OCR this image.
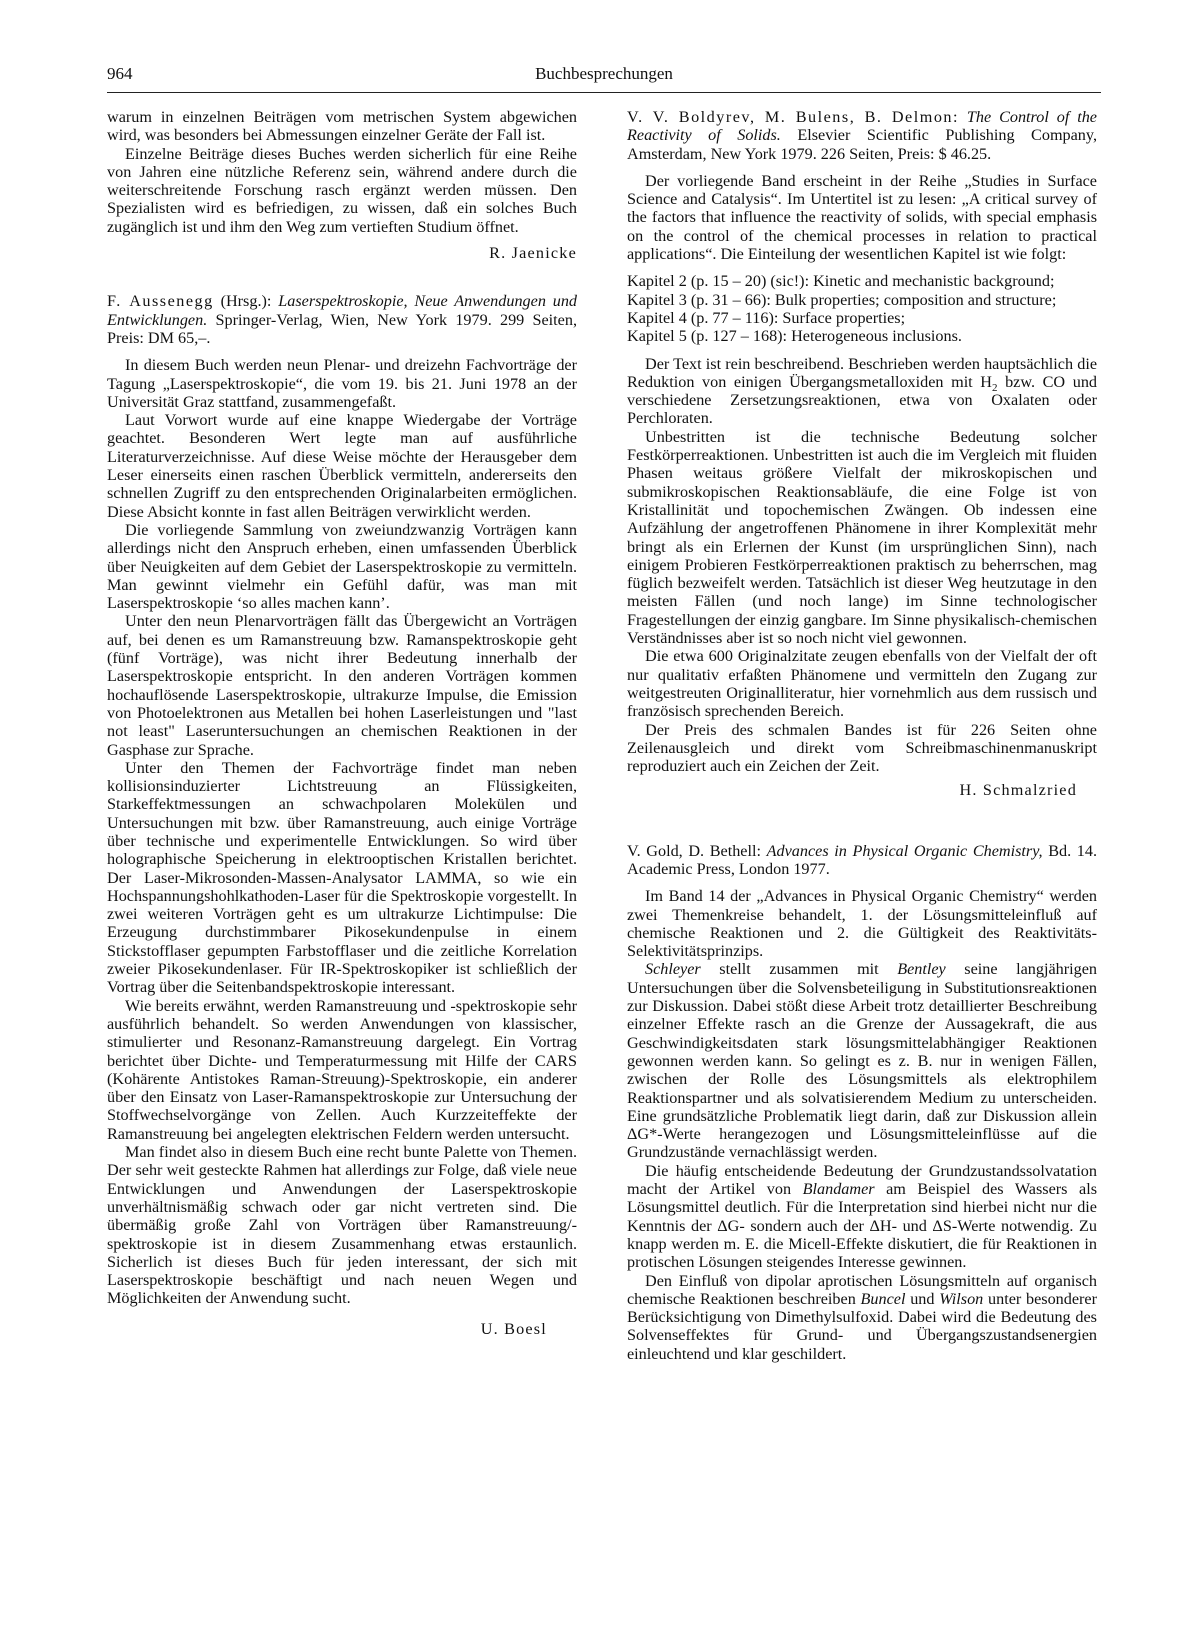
964	Buchbesprechungen

warum in einzelnen Beiträgen vom metrischen System abgewichen wird, was besonders bei Abmessungen einzelner Geräte der Fall ist.

Einzelne Beiträge dieses Buches werden sicherlich für eine Reihe von Jahren eine nützliche Referenz sein, während andere durch die weiterschreitende Forschung rasch ergänzt werden müssen. Den Spezialisten wird es befriedigen, zu wissen, daß ein solches Buch zugänglich ist und ihm den Weg zum vertieften Studium öffnet.

R. Jaenicke

F. Aussenegg (Hrsg.): Laserspektroskopie, Neue Anwendungen und Entwicklungen. Springer-Verlag, Wien, New York 1979. 299 Seiten, Preis: DM 65,–.

In diesem Buch werden neun Plenar- und dreizehn Fachvorträge der Tagung „Laserspektroskopie“, die vom 19. bis 21. Juni 1978 an der Universität Graz stattfand, zusammengefaßt.

Laut Vorwort wurde auf eine knappe Wiedergabe der Vorträge geachtet. Besonderen Wert legte man auf ausführliche Literaturverzeichnisse. Auf diese Weise möchte der Herausgeber dem Leser einerseits einen raschen Überblick vermitteln, andererseits den schnellen Zugriff zu den entsprechenden Originalarbeiten ermöglichen. Diese Absicht konnte in fast allen Beiträgen verwirklicht werden.

Die vorliegende Sammlung von zweiundzwanzig Vorträgen kann allerdings nicht den Anspruch erheben, einen umfassenden Überblick über Neuigkeiten auf dem Gebiet der Laserspektroskopie zu vermitteln. Man gewinnt vielmehr ein Gefühl dafür, was man mit Laserspektroskopie ‘so alles machen kann’.

Unter den neun Plenarvorträgen fällt das Übergewicht an Vorträgen auf, bei denen es um Ramanstreuung bzw. Ramanspektroskopie geht (fünf Vorträge), was nicht ihrer Bedeutung innerhalb der Laserspektroskopie entspricht. In den anderen Vorträgen kommen hochauflösende Laserspektroskopie, ultrakurze Impulse, die Emission von Photoelektronen aus Metallen bei hohen Laserleistungen und "last not least" Laseruntersuchungen an chemischen Reaktionen in der Gasphase zur Sprache.

Unter den Themen der Fachvorträge findet man neben kollisionsinduzierter Lichtstreuung an Flüssigkeiten, Starkeffektmessungen an schwachpolaren Molekülen und Untersuchungen mit bzw. über Ramanstreuung, auch einige Vorträge über technische und experimentelle Entwicklungen. So wird über holographische Speicherung in elektrooptischen Kristallen berichtet. Der Laser-Mikrosonden-Massen-Analysator LAMMA, so wie ein Hochspannungshohlkathoden-Laser für die Spektroskopie vorgestellt. In zwei weiteren Vorträgen geht es um ultrakurze Lichtimpulse: Die Erzeugung durchstimmbarer Pikosekundenpulse in einem Stickstofflaser gepumpten Farbstofflaser und die zeitliche Korrelation zweier Pikosekundenlaser. Für IR-Spektroskopiker ist schließlich der Vortrag über die Seitenbandspektroskopie interessant.

Wie bereits erwähnt, werden Ramanstreuung und -spektroskopie sehr ausführlich behandelt. So werden Anwendungen von klassischer, stimulierter und Resonanz-Ramanstreuung dargelegt. Ein Vortrag berichtet über Dichte- und Temperaturmessung mit Hilfe der CARS (Kohärente Antistokes Raman-Streuung)-Spektroskopie, ein anderer über den Einsatz von Laser-Ramanspektroskopie zur Untersuchung der Stoffwechselvorgänge von Zellen. Auch Kurzzeiteffekte der Ramanstreuung bei angelegten elektrischen Feldern werden untersucht.

Man findet also in diesem Buch eine recht bunte Palette von Themen. Der sehr weit gesteckte Rahmen hat allerdings zur Folge, daß viele neue Entwicklungen und Anwendungen der Laserspektroskopie unverhältnismäßig schwach oder gar nicht vertreten sind. Die übermäßig große Zahl von Vorträgen über Ramanstreuung/-spektroskopie ist in diesem Zusammenhang etwas erstaunlich. Sicherlich ist dieses Buch für jeden interessant, der sich mit Laserspektroskopie beschäftigt und nach neuen Wegen und Möglichkeiten der Anwendung sucht.

U. Boesl

V. V. Boldyrev, M. Bulens, B. Delmon: The Control of the Reactivity of Solids. Elsevier Scientific Publishing Company, Amsterdam, New York 1979. 226 Seiten, Preis: $ 46.25.

Der vorliegende Band erscheint in der Reihe „Studies in Surface Science and Catalysis“. Im Untertitel ist zu lesen: „A critical survey of the factors that influence the reactivity of solids, with special emphasis on the control of the chemical processes in relation to practical applications“. Die Einteilung der wesentlichen Kapitel ist wie folgt:

Kapitel 2 (p. 15 – 20) (sic!): Kinetic and mechanistic background;

Kapitel 3 (p. 31 – 66): Bulk properties; composition and structure;

Kapitel 4 (p. 77 – 116): Surface properties;

Kapitel 5 (p. 127 – 168): Heterogeneous inclusions.

Der Text ist rein beschreibend. Beschrieben werden hauptsächlich die Reduktion von einigen Übergangsmetalloxiden mit $H_2$ bzw. CO und verschiedene Zersetzungsreaktionen, etwa von Oxalaten oder Perchloraten.

Unbestritten ist die technische Bedeutung solcher Festkörperreaktionen. Unbestritten ist auch die im Vergleich mit fluiden Phasen weitaus größere Vielfalt der mikroskopischen und submikroskopischen Reaktionsabläufe, die eine Folge ist von Kristallinität und topochemischen Zwängen. Ob indessen eine Aufzählung der angetroffenen Phänomene in ihrer Komplexität mehr bringt als ein Erlernen der Kunst (im ursprünglichen Sinn), nach einigem Probieren Festkörperreaktionen praktisch zu beherrschen, mag füglich bezweifelt werden. Tatsächlich ist dieser Weg heutzutage in den meisten Fällen (und noch lange) im Sinne technologischer Fragestellungen der einzig gangbare. Im Sinne physikalisch-chemischen Verständnisses aber ist so noch nicht viel gewonnen.

Die etwa 600 Originalzitate zeugen ebenfalls von der Vielfalt der oft nur qualitativ erfaßten Phänomene und vermitteln den Zugang zur weitgestreuten Originalliteratur, hier vornehmlich aus dem russisch und französisch sprechenden Bereich.

Der Preis des schmalen Bandes ist für 226 Seiten ohne Zeilenausgleich und direkt vom Schreibmaschinenmanuskript reproduziert auch ein Zeichen der Zeit.

H. Schmalzried

V. Gold, D. Bethell: Advances in Physical Organic Chemistry, Bd. 14. Academic Press, London 1977.

Im Band 14 der „Advances in Physical Organic Chemistry“ werden zwei Themenkreise behandelt, 1. der Lösungsmitteleinfluß auf chemische Reaktionen und 2. die Gültigkeit des Reaktivitäts-Selektivitätsprinzips.

Schleyer stellt zusammen mit Bentley seine langjährigen Untersuchungen über die Solvensbeteiligung in Substitutionsreaktionen zur Diskussion. Dabei stößt diese Arbeit trotz detaillierter Beschreibung einzelner Effekte rasch an die Grenze der Aussagekraft, die aus Geschwindigkeitsdaten stark lösungsmittelabhängiger Reaktionen gewonnen werden kann. So gelingt es z. B. nur in wenigen Fällen, zwischen der Rolle des Lösungsmittels als elektrophilem Reaktionspartner und als solvatisierendem Medium zu unterscheiden. Eine grundsätzliche Problematik liegt darin, daß zur Diskussion allein ΔG*-Werte herangezogen und Lösungsmitteleinflüsse auf die Grundzustände vernachlässigt werden.

Die häufig entscheidende Bedeutung der Grundzustandssolvatation macht der Artikel von Blandamer am Beispiel des Wassers als Lösungsmittel deutlich. Für die Interpretation sind hierbei nicht nur die Kenntnis der ΔG- sondern auch der ΔH- und ΔS-Werte notwendig. Zu knapp werden m. E. die Micell-Effekte diskutiert, die für Reaktionen in protischen Lösungen steigendes Interesse gewinnen.

Den Einfluß von dipolar aprotischen Lösungsmitteln auf organisch chemische Reaktionen beschreiben Buncel und Wilson unter besonderer Berücksichtigung von Dimethylsulfoxid. Dabei wird die Bedeutung des Solvenseffektes für Grund- und Übergangszustandsenergien einleuchtend und klar geschildert.
